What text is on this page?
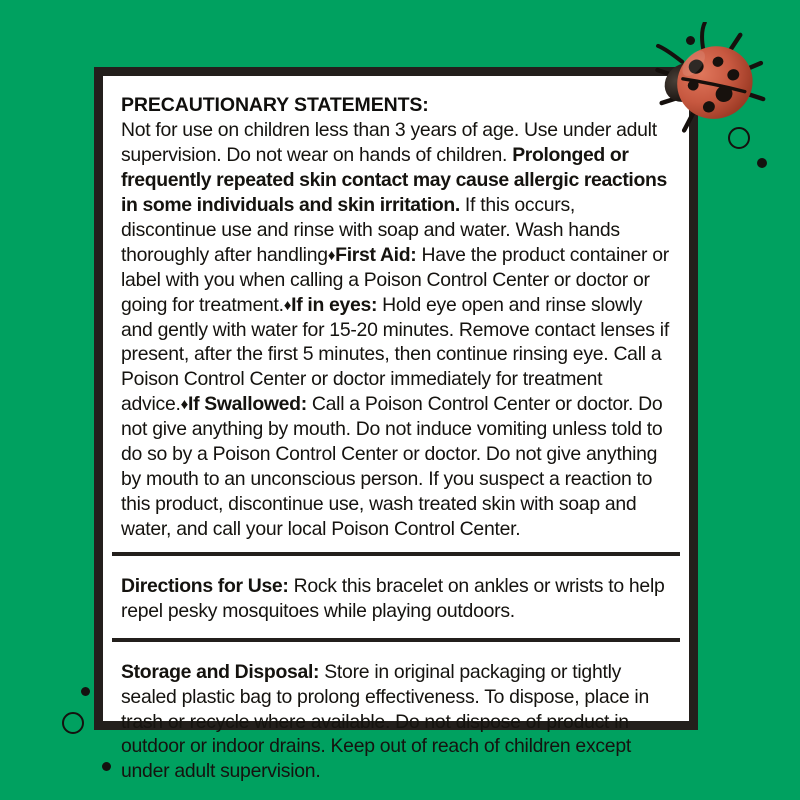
PRECAUTIONARY STATEMENTS:

Not for use on children less than 3 years of age. Use under adult supervision. Do not wear on hands of children. Prolonged or frequently repeated skin contact may cause allergic reactions in some individuals and skin irritation. If this occurs, discontinue use and rinse with soap and water. Wash hands thoroughly after handling♦First Aid: Have the product container or label with you when calling a Poison Control Center or doctor or going for treatment.♦If in eyes: Hold eye open and rinse slowly and gently with water for 15-20 minutes. Remove contact lenses if present, after the first 5 minutes, then continue rinsing eye. Call a Poison Control Center or doctor immediately for treatment advice.♦If Swallowed: Call a Poison Control Center or doctor. Do not give anything by mouth. Do not induce vomiting unless told to do so by a Poison Control Center or doctor. Do not give anything by mouth to an unconscious person. If you suspect a reaction to this product, discontinue use, wash treated skin with soap and water, and call your local Poison Control Center.

Directions for Use: Rock this bracelet on ankles or wrists to help repel pesky mosquitoes while playing outdoors.

Storage and Disposal: Store in original packaging or tightly sealed plastic bag to prolong effectiveness. To dispose, place in trash or recycle where available. Do not dispose of product in outdoor or indoor drains. Keep out of reach of children except under adult supervision.
